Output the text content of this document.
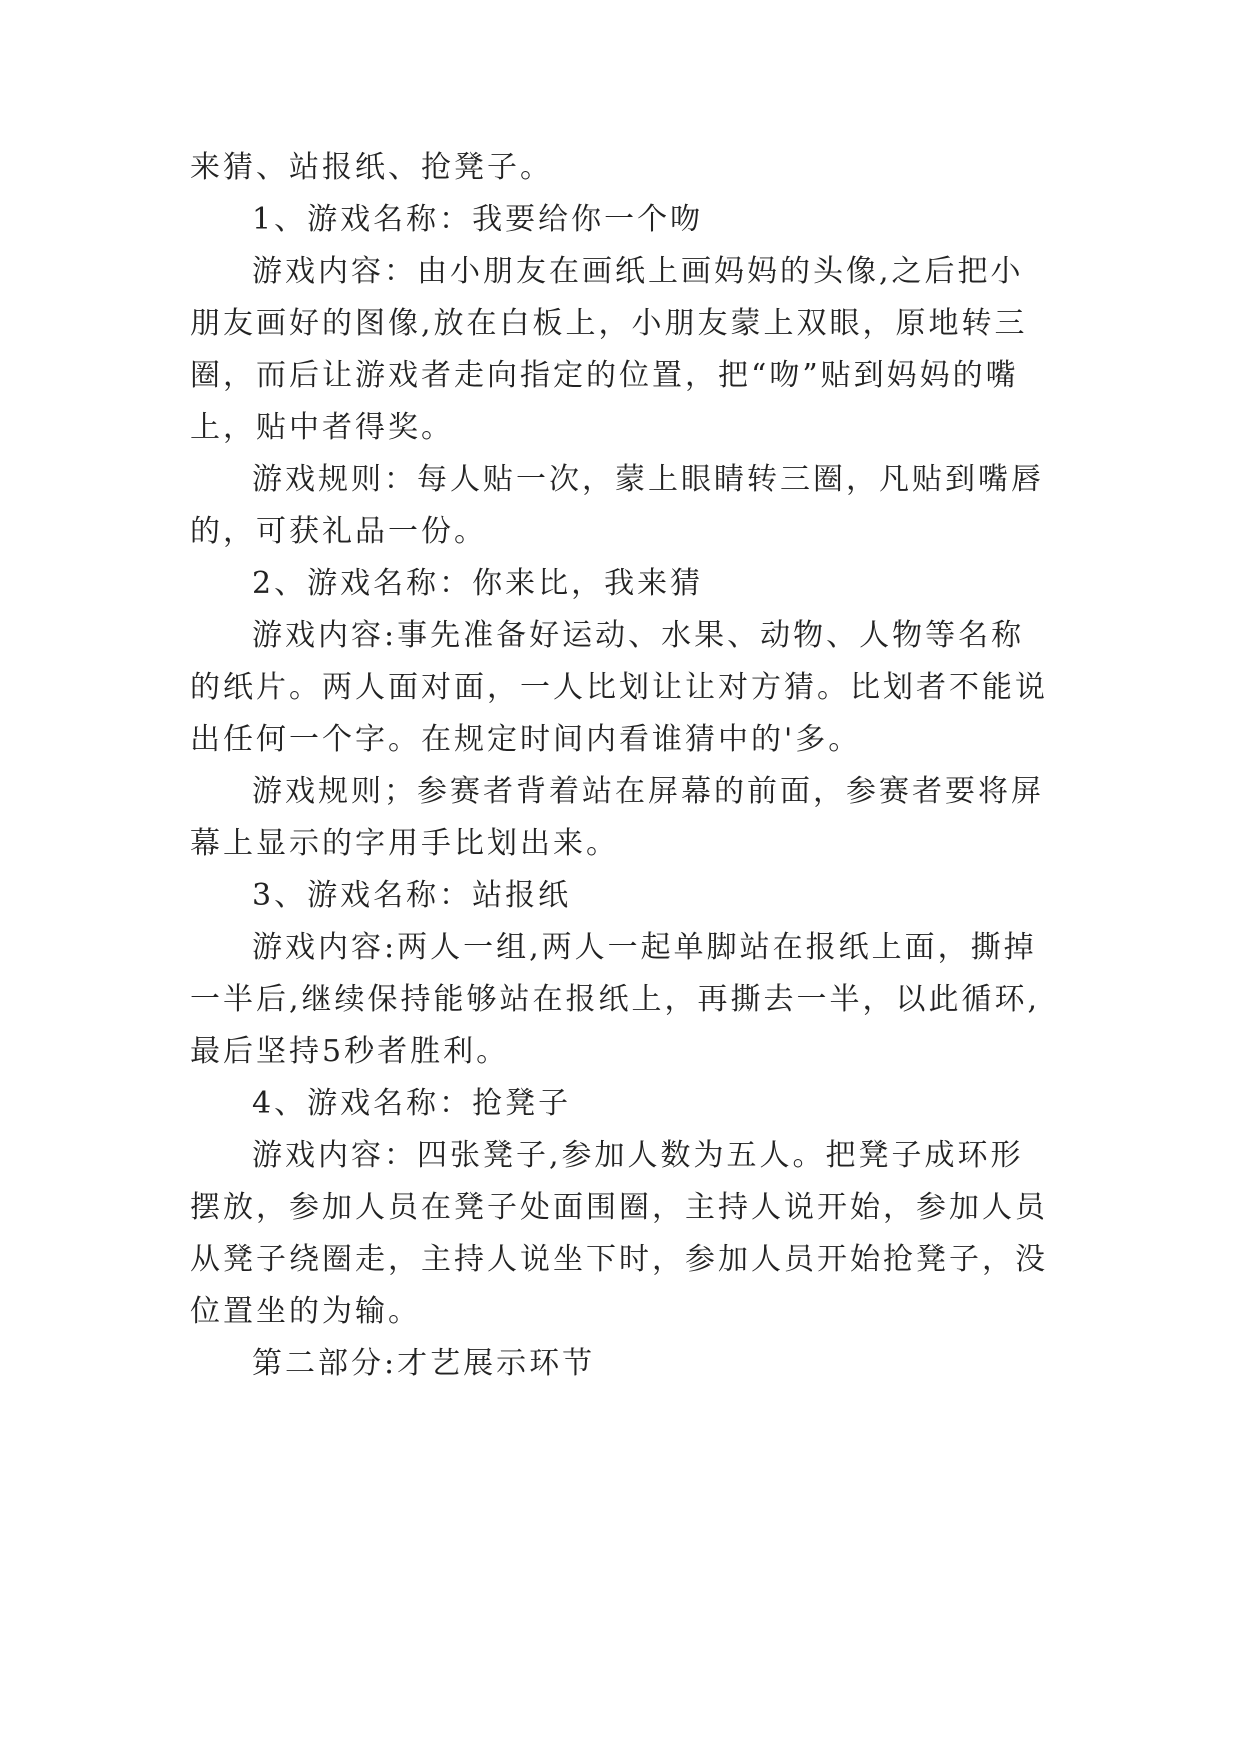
来猜、站报纸、抢凳子。
1、游戏名称：我要给你一个吻
游戏内容：由小朋友在画纸上画妈妈的头像,之后把小
朋友画好的图像,放在白板上，小朋友蒙上双眼，原地转三
圈，而后让游戏者走向指定的位置，把“吻”贴到妈妈的嘴
上，贴中者得奖。
游戏规则：每人贴一次，蒙上眼睛转三圈，凡贴到嘴唇
的，可获礼品一份。
2、游戏名称：你来比，我来猜
游戏内容:事先准备好运动、水果、动物、人物等名称
的纸片。两人面对面，一人比划让让对方猜。比划者不能说
出任何一个字。在规定时间内看谁猜中的'多。
游戏规则；参赛者背着站在屏幕的前面，参赛者要将屏
幕上显示的字用手比划出来。
3、游戏名称：站报纸
游戏内容:两人一组,两人一起单脚站在报纸上面，撕掉
一半后,继续保持能够站在报纸上，再撕去一半，以此循环,
最后坚持5秒者胜利。
4、游戏名称：抢凳子
游戏内容：四张凳子,参加人数为五人。把凳子成环形
摆放，参加人员在凳子处面围圈，主持人说开始，参加人员
从凳子绕圈走，主持人说坐下时，参加人员开始抢凳子，没
位置坐的为输。
第二部分:才艺展示环节
